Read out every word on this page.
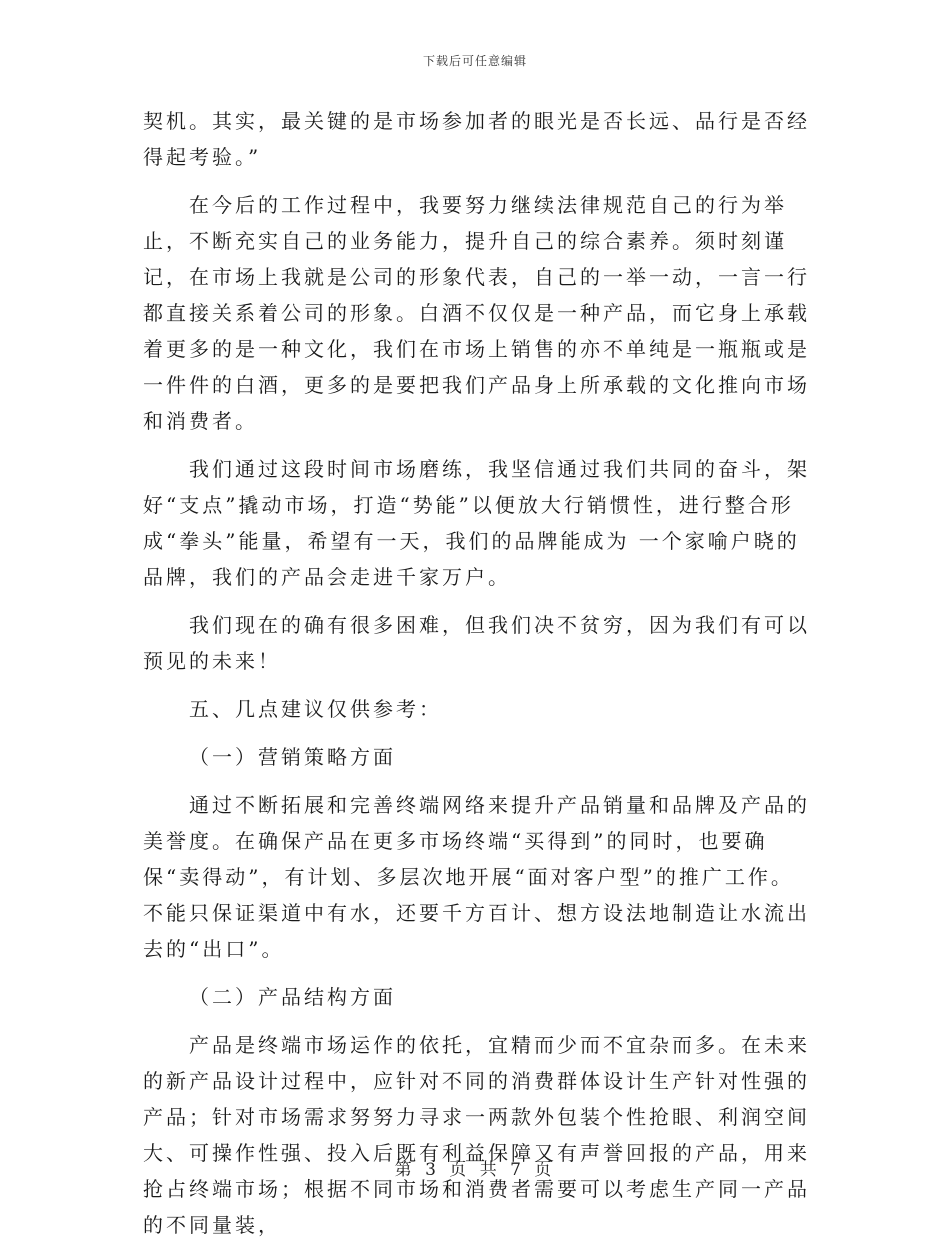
下载后可任意编辑

契机。其实，最关键的是市场参加者的眼光是否长远、品行是否经得起考验。”

在今后的工作过程中，我要努力继续法律规范自己的行为举止，不断充实自己的业务能力，提升自己的综合素养。须时刻谨记，在市场上我就是公司的形象代表，自己的一举一动，一言一行都直接关系着公司的形象。白酒不仅仅是一种产品，而它身上承载着更多的是一种文化，我们在市场上销售的亦不单纯是一瓶瓶或是一件件的白酒，更多的是要把我们产品身上所承载的文化推向市场和消费者。

我们通过这段时间市场磨练，我坚信通过我们共同的奋斗，架好“支点”撬动市场，打造“势能”以便放大行销惯性，进行整合形成“拳头”能量，希望有一天，我们的品牌能成为 一个家喻户晓的品牌，我们的产品会走进千家万户。

我们现在的确有很多困难，但我们决不贫穷，因为我们有可以预见的未来！

五、几点建议仅供参考：

（一）营销策略方面

通过不断拓展和完善终端网络来提升产品销量和品牌及产品的美誉度。在确保产品在更多市场终端“买得到”的同时，也要确保“卖得动”，有计划、多层次地开展“面对客户型”的推广工作。不能只保证渠道中有水，还要千方百计、想方设法地制造让水流出去的“出口”。

（二）产品结构方面

产品是终端市场运作的依托，宜精而少而不宜杂而多。在未来的新产品设计过程中，应针对不同的消费群体设计生产针对性强的产品；针对市场需求努努力寻求一两款外包装个性抢眼、利润空间大、可操作性强、投入后既有利益保障又有声誉回报的产品，用来抢占终端市场；根据不同市场和消费者需要可以考虑生产同一产品的不同量装，

第 3 页 共 7 页
